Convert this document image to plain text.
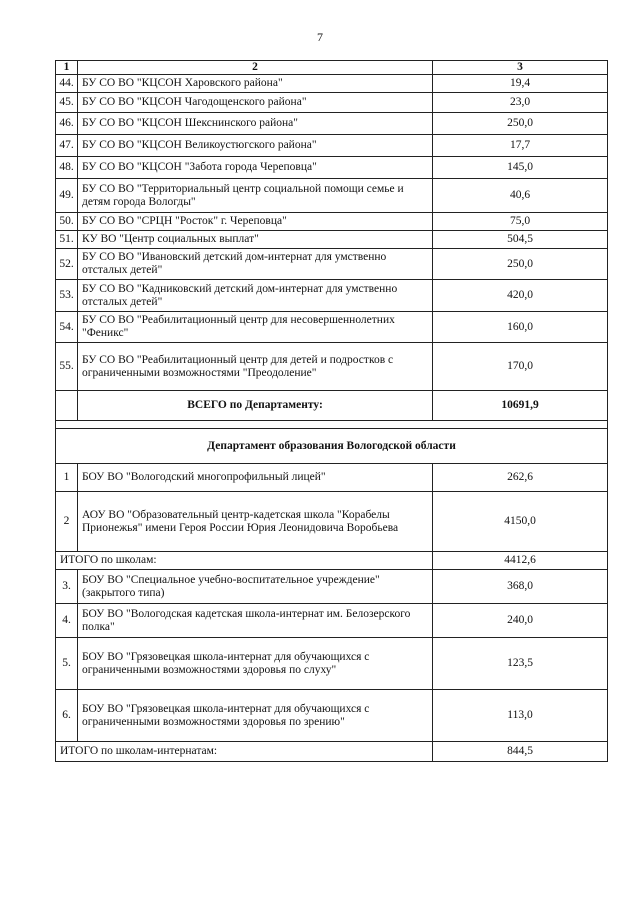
7
1	2	3
44.	БУ СО ВО "КЦСОН Харовского района"	19,4
45.	БУ СО ВО "КЦСОН Чагодощенского района"	23,0
46.	БУ СО ВО "КЦСОН Шекснинского района"	250,0
47.	БУ СО ВО "КЦСОН Великоустюгского района"	17,7
48.	БУ СО ВО "КЦСОН "Забота города Череповца"	145,0
49.	БУ СО ВО "Территориальный центр социальной помощи семье и детям города Вологды"	40,6
50.	БУ СО ВО "СРЦН "Росток" г. Череповца"	75,0
51.	КУ ВО "Центр социальных выплат"	504,5
52.	БУ СО ВО "Ивановский детский дом-интернат для умственно отсталых детей"	250,0
53.	БУ СО ВО "Кадниковский детский дом-интернат для умственно отсталых детей"	420,0
54.	БУ СО ВО "Реабилитационный центр для несовершеннолетних "Феникс"	160,0
55.	БУ СО ВО "Реабилитационный центр для детей и подростков с ограниченными возможностями "Преодоление"	170,0
	ВСЕГО по Департаменту:	10691,9

Департамент образования Вологодской области		
1	БОУ ВО "Вологодский многопрофильный лицей"	262,6
2	АОУ ВО "Образовательный центр-кадетская школа "Корабелы Прионежья" имени Героя России Юрия Леонидовича Воробьева	4150,0
ИТОГО по школам:		4412,6
3.	БОУ ВО "Специальное учебно-воспитательное учреждение" (закрытого типа)	368,0
4.	БОУ ВО "Вологодская кадетская школа-интернат им. Белозерского полка"	240,0
5.	БОУ ВО "Грязовецкая школа-интернат для обучающихся с ограниченными возможностями здоровья по слуху"	123,5
6.	БОУ ВО "Грязовецкая школа-интернат для обучающихся с ограниченными возможностями здоровья по зрению"	113,0
ИТОГО по школам-интернатам:		844,5
